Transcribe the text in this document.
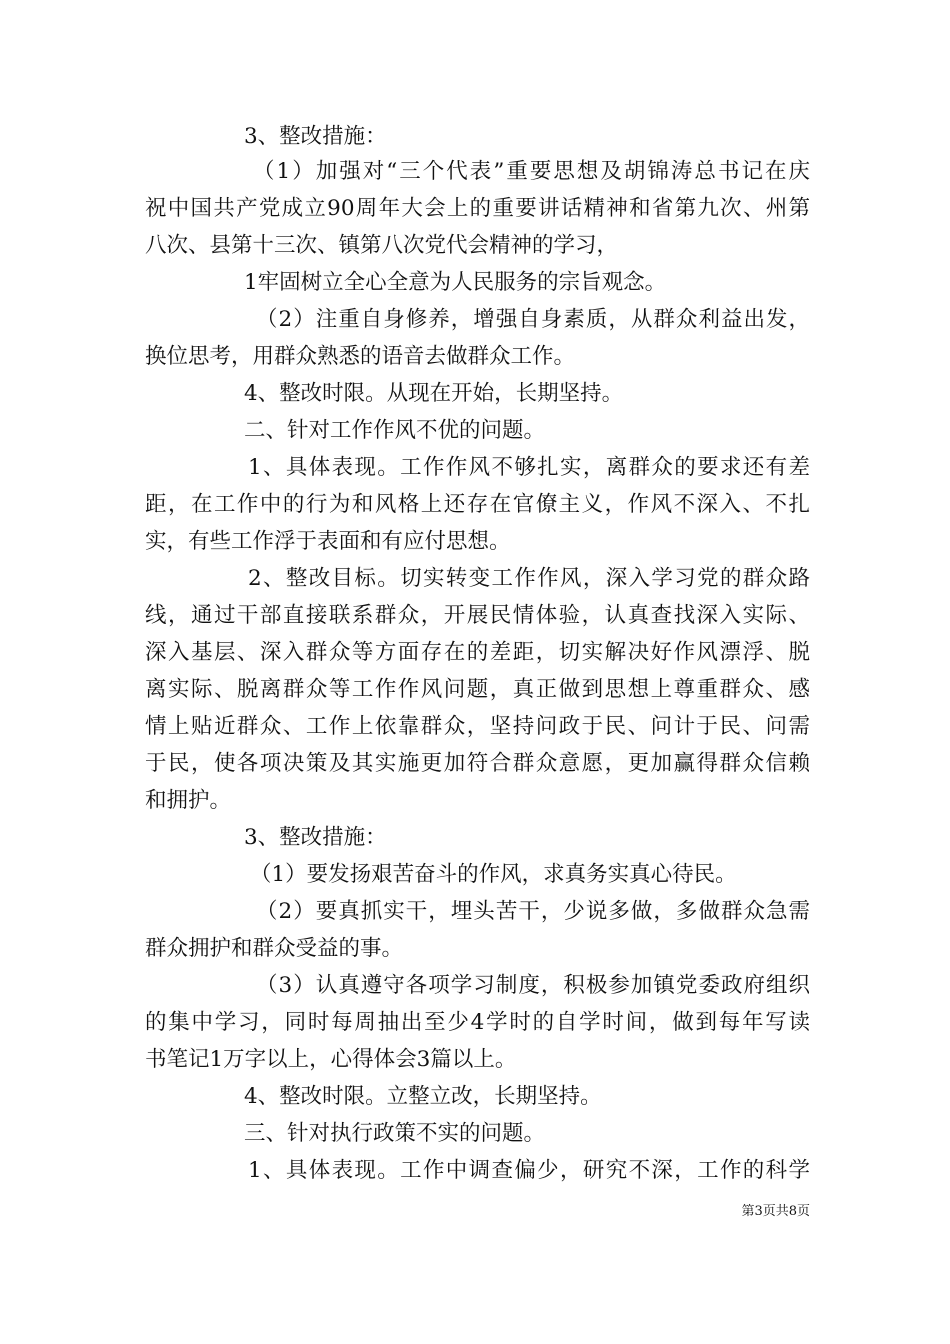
3、整改措施：
（1）加强对“三个代表”重要思想及胡锦涛总书记在庆
祝中国共产党成立90周年大会上的重要讲话精神和省第九次、州第
八次、县第十三次、镇第八次党代会精神的学习，
1牢固树立全心全意为人民服务的宗旨观念。
（2）注重自身修养，增强自身素质，从群众利益出发，
换位思考，用群众熟悉的语音去做群众工作。
4、整改时限。从现在开始，长期坚持。
二、针对工作作风不优的问题。
1、具体表现。工作作风不够扎实，离群众的要求还有差
距，在工作中的行为和风格上还存在官僚主义，作风不深入、不扎
实，有些工作浮于表面和有应付思想。
2、整改目标。切实转变工作作风，深入学习党的群众路
线，通过干部直接联系群众，开展民情体验，认真查找深入实际、
深入基层、深入群众等方面存在的差距，切实解决好作风漂浮、脱
离实际、脱离群众等工作作风问题，真正做到思想上尊重群众、感
情上贴近群众、工作上依靠群众，坚持问政于民、问计于民、问需
于民，使各项决策及其实施更加符合群众意愿，更加赢得群众信赖
和拥护。
3、整改措施：
（1）要发扬艰苦奋斗的作风，求真务实真心待民。
（2）要真抓实干，埋头苦干，少说多做，多做群众急需
群众拥护和群众受益的事。
（3）认真遵守各项学习制度，积极参加镇党委政府组织
的集中学习，同时每周抽出至少4学时的自学时间，做到每年写读
书笔记1万字以上，心得体会3篇以上。
4、整改时限。立整立改，长期坚持。
三、针对执行政策不实的问题。
1、具体表现。工作中调查偏少，研究不深，工作的科学
第3页共8页
